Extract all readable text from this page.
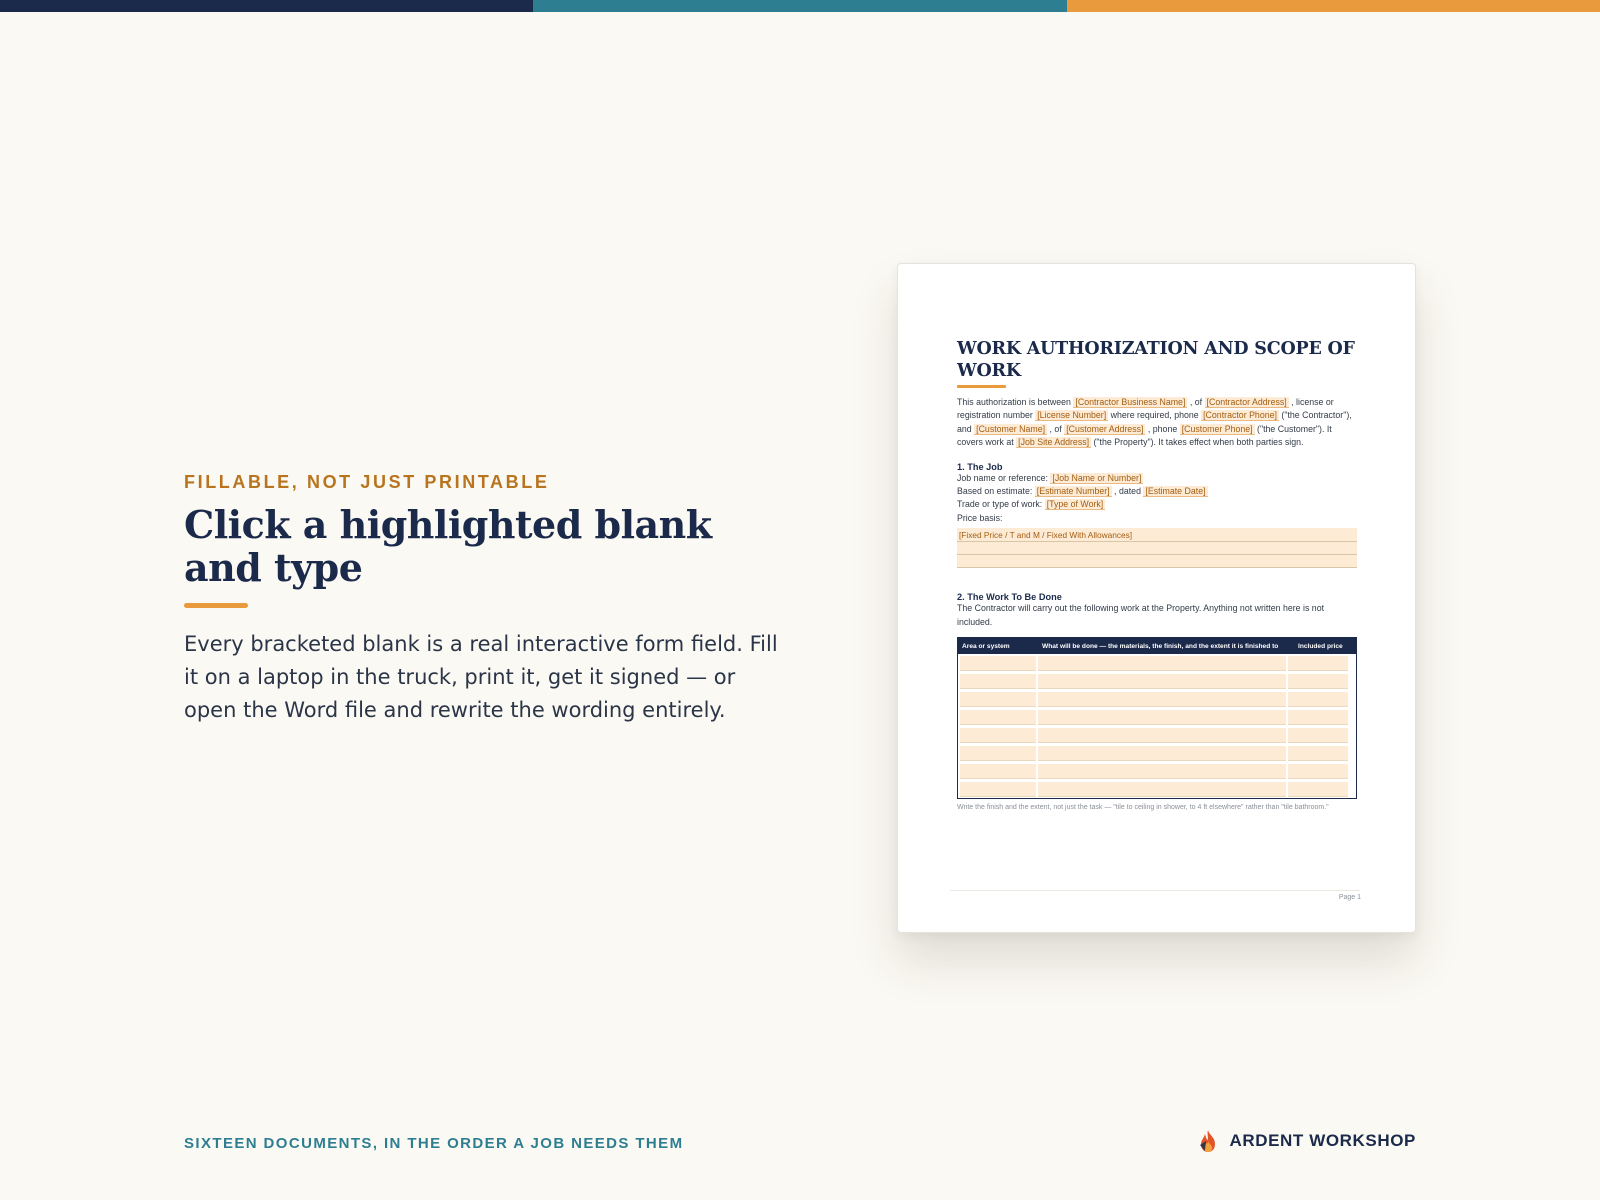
FILLABLE, NOT JUST PRINTABLE
Click a highlighted blank and type

Every bracketed blank is a real interactive form field. Fill it on a laptop in the truck, print it, get it signed — or open the Word file and rewrite the wording entirely.

WORK AUTHORIZATION AND SCOPE OF WORK

This authorization is between [Contractor Business Name] , of [Contractor Address] , license or registration number [License Number] where required, phone [Contractor Phone] ("the Contractor"), and [Customer Name] , of [Customer Address] , phone [Customer Phone] ("the Customer"). It covers work at [Job Site Address] ("the Property"). It takes effect when both parties sign.

1. The Job

Job name or reference: [Job Name or Number]

Based on estimate: [Estimate Number] , dated [Estimate Date]

Trade or type of work: [Type of Work]

Price basis:

[Fixed Price / T and M / Fixed With Allowances]
2. The Work To Be Done

The Contractor will carry out the following work at the Property. Anything not written here is not included.

Area or system	What will be done — the materials, the finish, and the extent it is finished to	Included price

Write the finish and the extent, not just the task — "tile to ceiling in shower, to 4 ft elsewhere" rather than "tile bathroom."

Page 1
SIXTEEN DOCUMENTS, IN THE ORDER A JOB NEEDS THEM	ARDENT WORKSHOP
